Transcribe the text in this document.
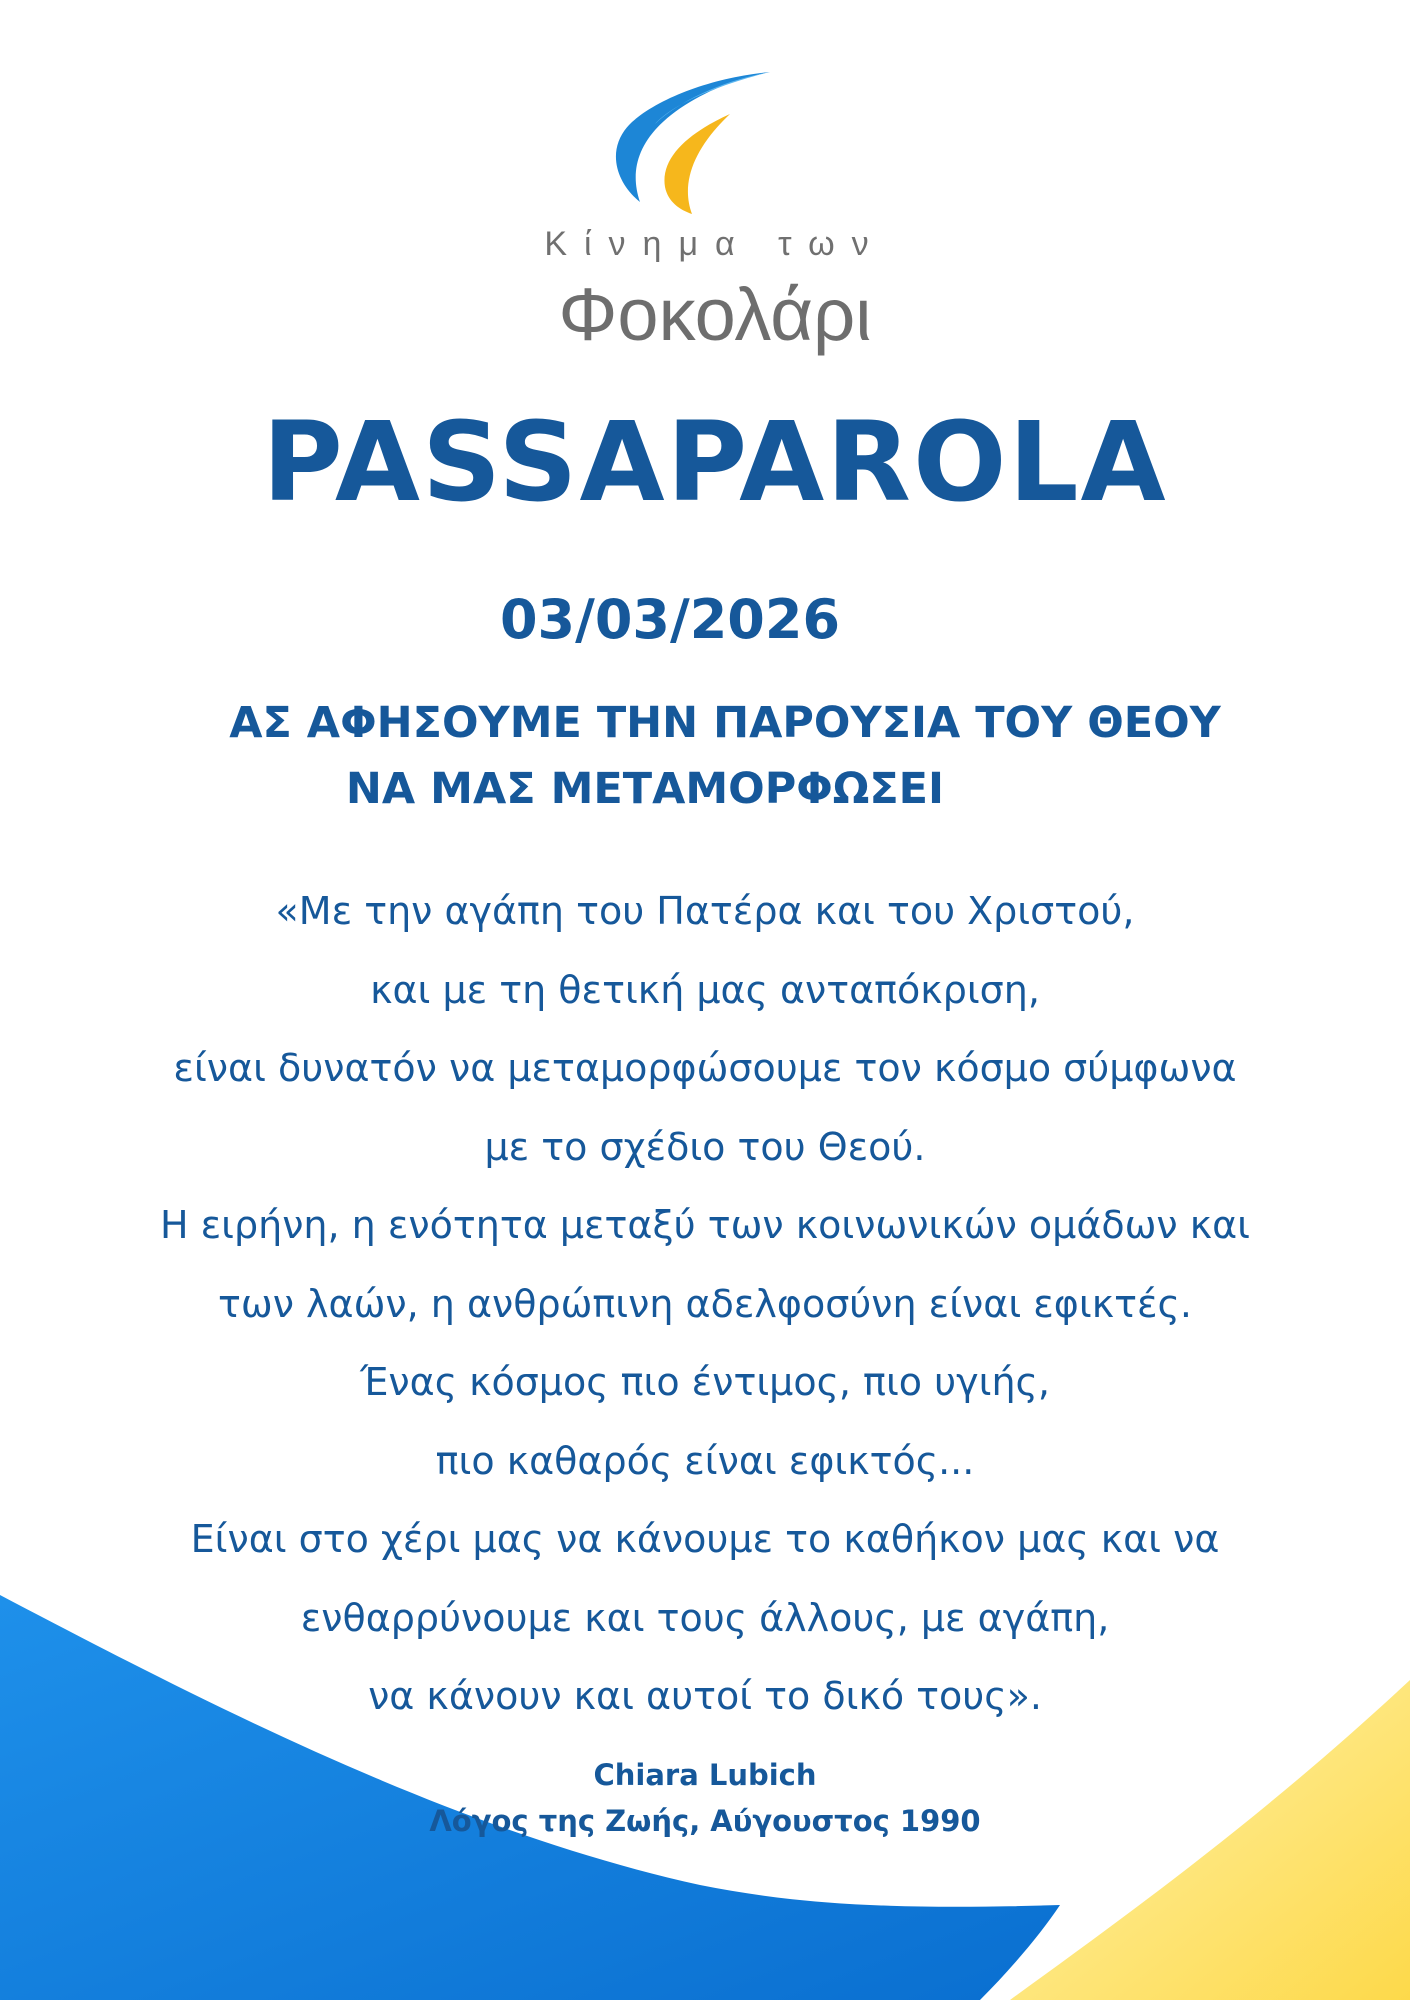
Κίνημα των
Φοκολάρι
PASSAPAROLA
03/03/2026
ΑΣ ΑΦΗΣΟΥΜΕ ΤΗΝ ΠΑΡΟΥΣΙΑ ΤΟΥ ΘΕΟΥ
ΝΑ ΜΑΣ ΜΕΤΑΜΟΡΦΩΣΕΙ
«Με την αγάπη του Πατέρα και του Χριστού,
και με τη θετική μας ανταπόκριση,
είναι δυνατόν να μεταμορφώσουμε τον κόσμο σύμφωνα
με το σχέδιο του Θεού.
Η ειρήνη, η ενότητα μεταξύ των κοινωνικών ομάδων και
των λαών, η ανθρώπινη αδελφοσύνη είναι εφικτές.
Ένας κόσμος πιο έντιμος, πιο υγιής,
πιο καθαρός είναι εφικτός...
Είναι στο χέρι μας να κάνουμε το καθήκον μας και να
ενθαρρύνουμε και τους άλλους, με αγάπη,
να κάνουν και αυτοί το δικό τους».
Chiara Lubich
Λόγος της Ζωής, Αύγουστος 1990
